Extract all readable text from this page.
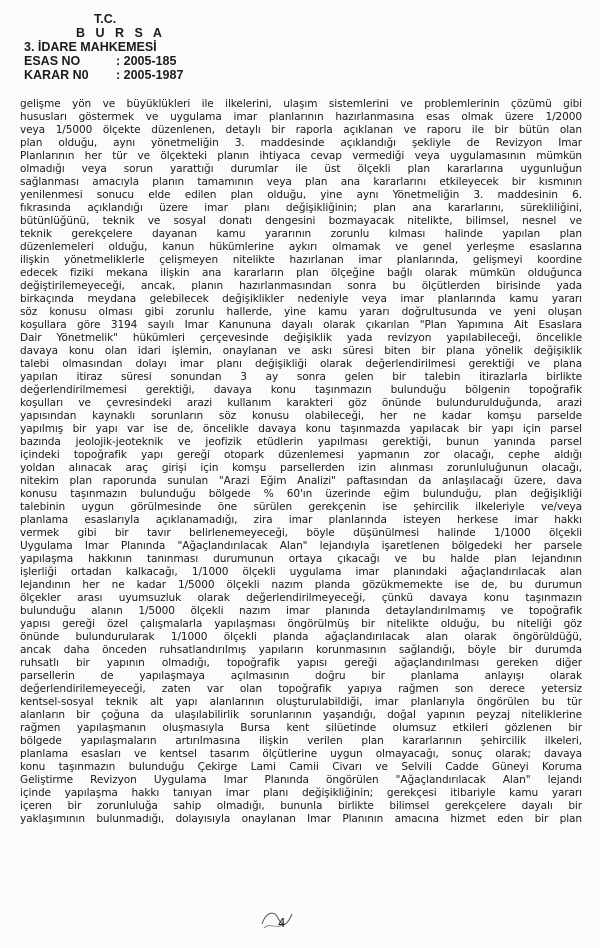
T.C.
B U R S A
3. İDARE MAHKEMESİ
ESAS NO	: 2005-185
KARAR N0	: 2005-1987
gelişme yön ve büyüklükleri ile ilkelerini, ulaşım sistemlerini ve problemlerinin çözümü gibi
hususları göstermek ve uygulama imar planlarının hazırlanmasına esas olmak üzere 1/2000
veya 1/5000 ölçekte düzenlenen, detaylı bir raporla açıklanan ve raporu ile bir bütün olan
plan olduğu, aynı yönetmeliğin 3. maddesinde açıklandığı şekliyle de Revizyon İmar
Planlarının her tür ve ölçekteki planın ihtiyaca cevap vermediği veya uygulamasının mümkün
olmadığı veya sorun yarattığı durumlar ile üst ölçekli plan kararlarına uygunluğun
sağlanması amacıyla planın tamamının veya plan ana kararlarını etkileyecek bir kısmının
yenilenmesi sonucu elde edilen plan olduğu, yine aynı Yönetmeliğin 3. maddesinin 6.
fıkrasında açıklandığı üzere imar planı değişikliğinin; plan ana kararlarını, sürekliliğini,
bütünlüğünü, teknik ve sosyal donatı dengesini bozmayacak nitelikte, bilimsel, nesnel ve
teknik gerekçelere dayanan kamu yararının zorunlu kılması halinde yapılan plan
düzenlemeleri olduğu, kanun hükümlerine aykırı olmamak ve genel yerleşme esaslarına
ilişkin yönetmeliklerle çelişmeyen nitelikte hazırlanan imar planlarında, gelişmeyi koordine
edecek fiziki mekana ilişkin ana kararların plan ölçeğine bağlı olarak mümkün olduğunca
değiştirilemeyeceği, ancak, planın hazırlanmasından sonra bu ölçütlerden birisinde yada
birkaçında meydana gelebilecek değişiklikler nedeniyle veya imar planlarında kamu yararı
söz konusu olması gibi zorunlu hallerde, yine kamu yararı doğrultusunda ve yeni oluşan
koşullara göre 3194 sayılı İmar Kanununa dayalı olarak çıkarılan "Plan Yapımına Ait Esaslara
Dair Yönetmelik" hükümleri çerçevesinde değişiklik yada revizyon yapılabileceği, öncelikle
davaya konu olan idari işlemin, onaylanan ve askı süresi biten bir plana yönelik değişiklik
talebi olmasından dolayı imar planı değişikliği olarak değerlendirilmesi gerektiği ve plana
yapılan itiraz süresi sonundan 3 ay sonra gelen bir talebin itirazlarla birlikte
değerlendirilmemesi gerektiği, davaya konu taşınmazın bulunduğu bölgenin topoğrafik
koşulları ve çevresindeki arazi kullanım karakteri göz önünde bulundurulduğunda, arazi
yapısından kaynaklı sorunların söz konusu olabileceği, her ne kadar komşu parselde
yapılmış bir yapı var ise de, öncelikle davaya konu taşınmazda yapılacak bir yapı için parsel
bazında jeolojik-jeoteknik ve jeofizik etüdlerin yapılması gerektiği, bunun yanında parsel
içindeki topoğrafik yapı gereği otopark düzenlemesi yapmanın zor olacağı, cephe aldığı
yoldan alınacak araç girişi için komşu parsellerden izin alınması zorunluluğunun olacağı,
nitekim plan raporunda sunulan "Arazi Eğim Analizi" paftasından da anlaşılacağı üzere, dava
konusu taşınmazın bulunduğu bölgede % 60'ın üzerinde eğim bulunduğu, plan değişikliği
talebinin uygun görülmesinde öne sürülen gerekçenin ise şehircilik ilkeleriyle ve/veya
planlama esaslarıyla açıklanamadığı, zira imar planlarında isteyen herkese imar hakkı
vermek gibi bir tavır belirlenemeyeceği, böyle düşünülmesi halinde 1/1000 ölçekli
Uygulama İmar Planında "Ağaçlandırılacak Alan" lejandıyla işaretlenen bölgedeki her parsele
yapılaşma hakkının tanınması durumunun ortaya çıkacağı ve bu halde plan lejandının
işlerliği ortadan kalkacağı, 1/1000 ölçekli uygulama imar planındaki ağaçlandırılacak alan
lejandının her ne kadar 1/5000 ölçekli nazım planda gözükmemekte ise de, bu durumun
ölçekler arası uyumsuzluk olarak değerlendirilmeyeceği, çünkü davaya konu taşınmazın
bulunduğu alanın 1/5000 ölçekli nazım imar planında detaylandırılmamış ve topoğrafik
yapısı gereği özel çalışmalarla yapılaşması öngörülmüş bir nitelikte olduğu, bu niteliği göz
önünde bulundurularak 1/1000 ölçekli planda ağaçlandırılacak alan olarak öngörüldüğü,
ancak daha önceden ruhsatlandırılmış yapıların korunmasının sağlandığı, böyle bir durumda
ruhsatlı bir yapının olmadığı, topoğrafik yapısı gereği ağaçlandırılması gereken diğer
parsellerin de yapılaşmaya açılmasının doğru bir planlama anlayışı olarak
değerlendirilemeyeceği, zaten var olan topoğrafik yapıya rağmen son derece yetersiz
kentsel-sosyal teknik alt yapı alanlarının oluşturulabildiği, imar planlarıyla öngörülen bu tür
alanların bir çoğuna da ulaşılabilirlik sorunlarının yaşandığı, doğal yapının peyzaj niteliklerine
rağmen yapılaşmanın oluşmasıyla Bursa kent silüetinde olumsuz etkileri gözlenen bir
bölgede yapılaşmaların artırılmasına ilişkin verilen plan kararlarının şehircilik ilkeleri,
planlama esasları ve kentsel tasarım ölçütlerine uygun olmayacağı, sonuç olarak; davaya
konu taşınmazın bulunduğu Çekirge Lami Camii Civarı ve Selvili Cadde Güneyi Koruma
Geliştirme Revizyon Uygulama İmar Planında öngörülen "Ağaçlandırılacak Alan" lejandı
içinde yapılaşma hakkı tanıyan imar planı değişikliğinin; gerekçesi itibariyle kamu yararı
içeren bir zorunluluğa sahip olmadığı, bununla birlikte bilimsel gerekçelere dayalı bir
yaklaşımının bulunmadığı, dolayısıyla onaylanan İmar Planının amacına hizmet eden bir plan
4
